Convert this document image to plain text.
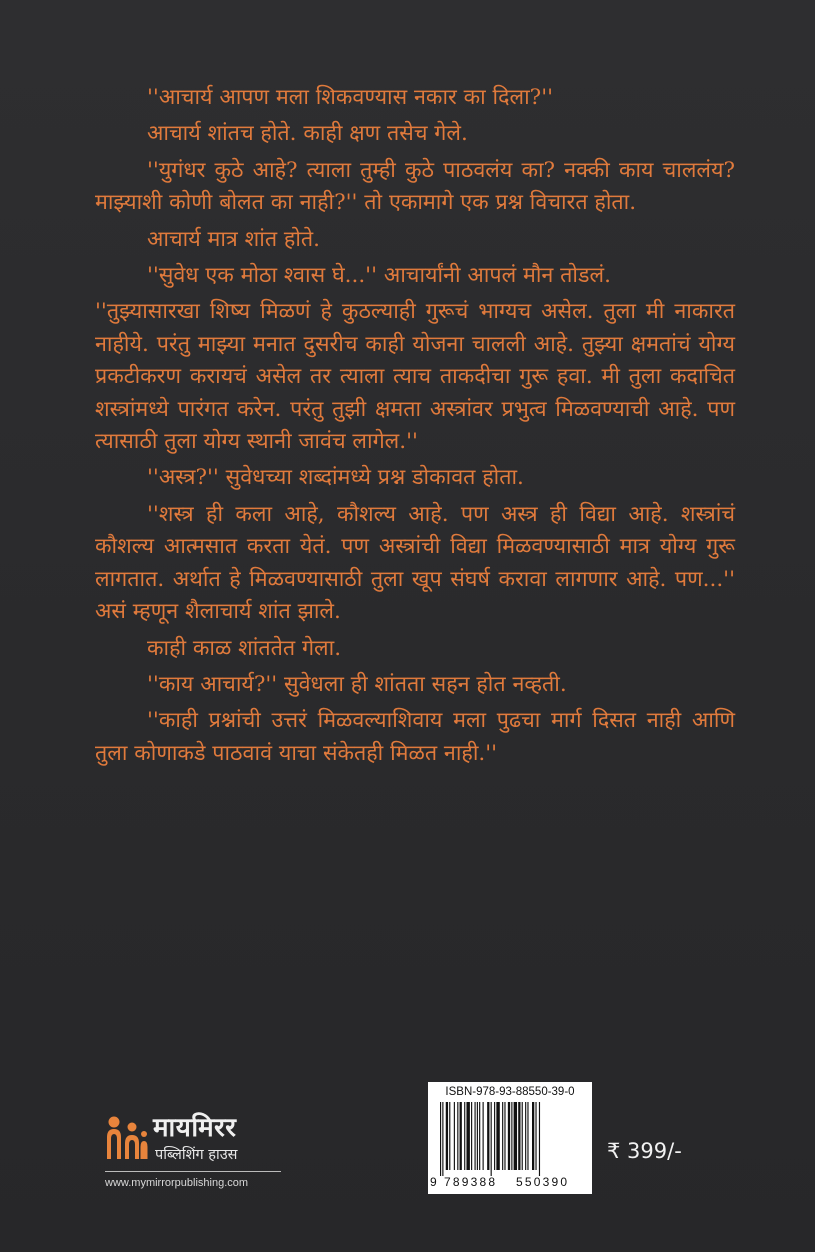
''आचार्य आपण मला शिकवण्यास नकार का दिला?''

आचार्य शांतच होते. काही क्षण तसेच गेले.

''युगंधर कुठे आहे? त्याला तुम्ही कुठे पाठवलंय का? नक्की काय चाललंय? माझ्याशी कोणी बोलत का नाही?'' तो एकामागे एक प्रश्न विचारत होता.

आचार्य मात्र शांत होते.

''सुवेध एक मोठा श्वास घे...'' आचार्यांनी आपलं मौन तोडलं.

''तुझ्यासारखा शिष्य मिळणं हे कुठल्याही गुरूचं भाग्यच असेल. तुला मी नाकारत नाहीये. परंतु माझ्या मनात दुसरीच काही योजना चालली आहे. तुझ्या क्षमतांचं योग्य प्रकटीकरण करायचं असेल तर त्याला त्याच ताकदीचा गुरू हवा. मी तुला कदाचित शस्त्रांमध्ये पारंगत करेन. परंतु तुझी क्षमता अस्त्रांवर प्रभुत्व मिळवण्याची आहे. पण त्यासाठी तुला योग्य स्थानी जावंच लागेल.''

''अस्त्र?'' सुवेधच्या शब्दांमध्ये प्रश्न डोकावत होता.

''शस्त्र ही कला आहे, कौशल्य आहे. पण अस्त्र ही विद्या आहे. शस्त्रांचं कौशल्य आत्मसात करता येतं. पण अस्त्रांची विद्या मिळवण्यासाठी मात्र योग्य गुरू लागतात. अर्थात हे मिळवण्यासाठी तुला खूप संघर्ष करावा लागणार आहे. पण...'' असं म्हणून शैलाचार्य शांत झाले.

काही काळ शांततेत गेला.

''काय आचार्य?'' सुवेधला ही शांतता सहन होत नव्हती.

''काही प्रश्नांची उत्तरं मिळवल्याशिवाय मला पुढचा मार्ग दिसत नाही आणि तुला कोणाकडे पाठवावं याचा संकेतही मिळत नाही.''

मायमिरर
पब्लिशिंग हाउस
www.mymirrorpublishing.com
ISBN-978-93-88550-39-0
9 789388 550390
₹ 399/-
